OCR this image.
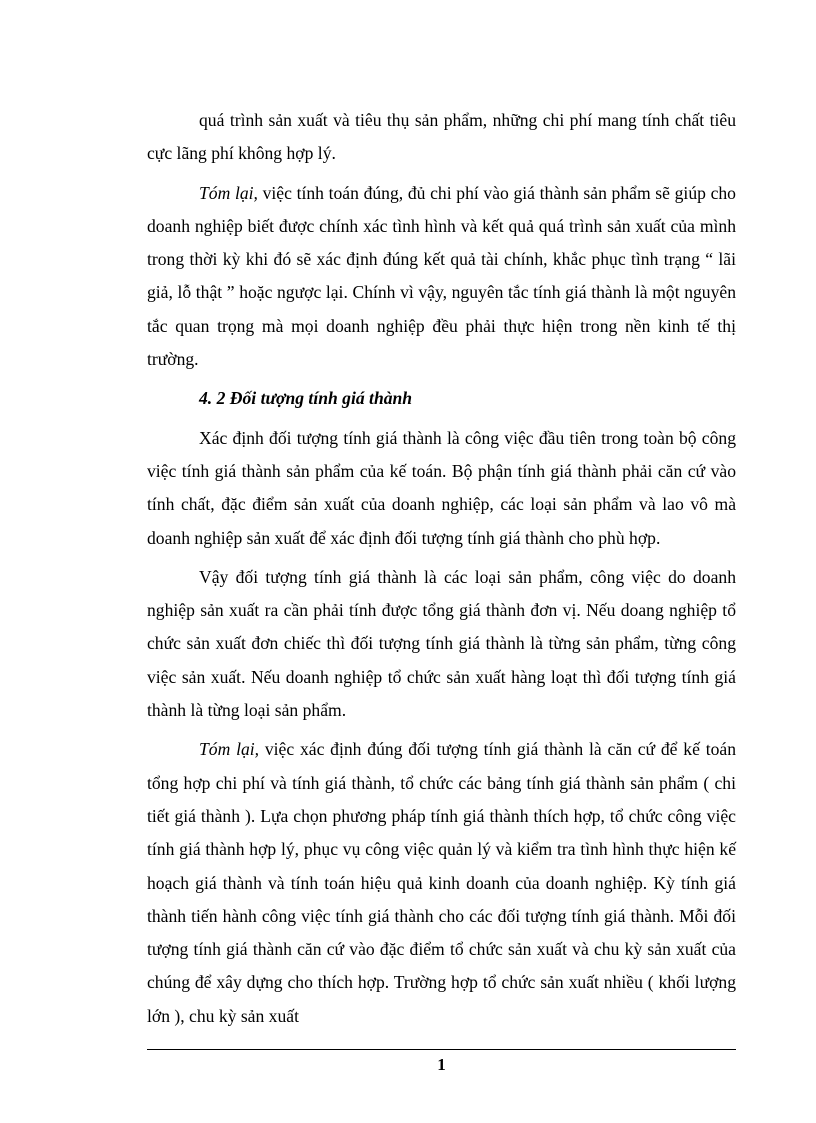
quá trình sản xuất và tiêu thụ sản phẩm, những chi phí mang tính chất tiêu cực lãng phí không hợp lý.

Tóm lại, việc tính toán đúng, đủ chi phí vào giá thành sản phẩm sẽ giúp cho doanh nghiệp biết được chính xác tình hình và kết quả quá trình sản xuất của mình trong thời kỳ khi đó sẽ xác định đúng kết quả tài chính, khắc phục tình trạng “ lãi giả, lỗ thật ” hoặc ngược lại. Chính vì vậy, nguyên tắc tính giá thành là một nguyên tắc quan trọng mà mọi doanh nghiệp đều phải thực hiện trong nền kinh tế thị trường.

4. 2 Đối tượng tính giá thành

Xác định đối tượng tính giá thành là công việc đầu tiên trong toàn bộ công việc tính giá thành sản phẩm của kế toán. Bộ phận tính giá thành phải căn cứ vào tính chất, đặc điểm sản xuất của doanh nghiệp, các loại sản phẩm và lao vô mà doanh nghiệp sản xuất để xác định đối tượng tính giá thành cho phù hợp.

Vậy đối tượng tính giá thành là các loại sản phẩm, công việc do doanh nghiệp sản xuất ra cần phải tính được tổng giá thành đơn vị. Nếu doang nghiệp tổ chức sản xuất đơn chiếc thì đối tượng tính giá thành là từng sản phẩm, từng công việc sản xuất. Nếu doanh nghiệp tổ chức sản xuất hàng loạt thì đối tượng tính giá thành là từng loại sản phẩm.

Tóm lại, việc xác định đúng đối tượng tính giá thành là căn cứ để kế toán tổng hợp chi phí và tính giá thành, tổ chức các bảng tính giá thành sản phẩm ( chi tiết giá thành ). Lựa chọn phương pháp tính giá thành thích hợp, tổ chức công việc tính giá thành hợp lý, phục vụ công việc quản lý và kiểm tra tình hình thực hiện kế hoạch giá thành và tính toán hiệu quả kinh doanh của doanh nghiệp. Kỳ tính giá thành tiến hành công việc tính giá thành cho các đối tượng tính giá thành. Mỗi đối tượng tính giá thành căn cứ vào đặc điểm tổ chức sản xuất và chu kỳ sản xuất của chúng để xây dựng cho thích hợp. Trường hợp tổ chức sản xuất nhiều ( khối lượng lớn ), chu kỳ sản xuất

1
